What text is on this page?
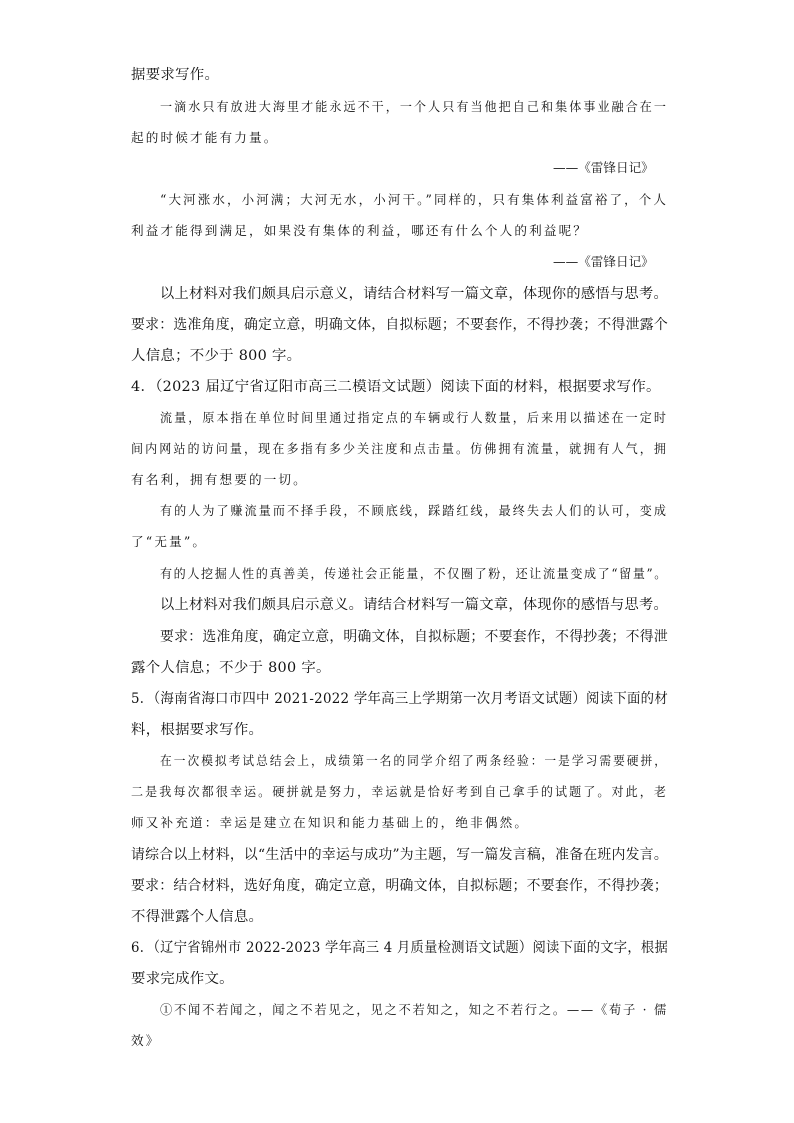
据要求写作。
一滴水只有放进大海里才能永远不干，一个人只有当他把自己和集体事业融合在一
起的时候才能有力量。
——《雷锋日记》
“大河涨水，小河满；大河无水，小河干。”同样的，只有集体利益富裕了，个人
利益才能得到满足，如果没有集体的利益，哪还有什么个人的利益呢？
——《雷锋日记》
以上材料对我们颇具启示意义，请结合材料写一篇文章，体现你的感悟与思考。
要求：选准角度，确定立意，明确文体，自拟标题；不要套作，不得抄袭；不得泄露个
人信息；不少于 800 字。
4．（2023 届辽宁省辽阳市高三二模语文试题）阅读下面的材料，根据要求写作。
流量，原本指在单位时间里通过指定点的车辆或行人数量，后来用以描述在一定时
间内网站的访问量，现在多指有多少关注度和点击量。仿佛拥有流量，就拥有人气，拥
有名利，拥有想要的一切。
有的人为了赚流量而不择手段，不顾底线，踩踏红线，最终失去人们的认可，变成
了“无量”。
有的人挖掘人性的真善美，传递社会正能量，不仅圈了粉，还让流量变成了“留量”。
以上材料对我们颇具启示意义。请结合材料写一篇文章，体现你的感悟与思考。
要求：选准角度，确定立意，明确文体，自拟标题；不要套作，不得抄袭；不得泄
露个人信息；不少于 800 字。
5．（海南省海口市四中 2021-2022 学年高三上学期第一次月考语文试题）阅读下面的材
料，根据要求写作。
在一次模拟考试总结会上，成绩第一名的同学介绍了两条经验：一是学习需要硬拼，
二是我每次都很幸运。硬拼就是努力，幸运就是恰好考到自己拿手的试题了。对此，老
师又补充道：幸运是建立在知识和能力基础上的，绝非偶然。
请综合以上材料，以“生活中的幸运与成功”为主题，写一篇发言稿，准备在班内发言。
要求：结合材料，选好角度，确定立意，明确文体，自拟标题；不要套作，不得抄袭；
不得泄露个人信息。
6．（辽宁省锦州市 2022-2023 学年高三 4 月质量检测语文试题）阅读下面的文字，根据
要求完成作文。
①不闻不若闻之，闻之不若见之，见之不若知之，知之不若行之。——《荀子 · 儒
效》
